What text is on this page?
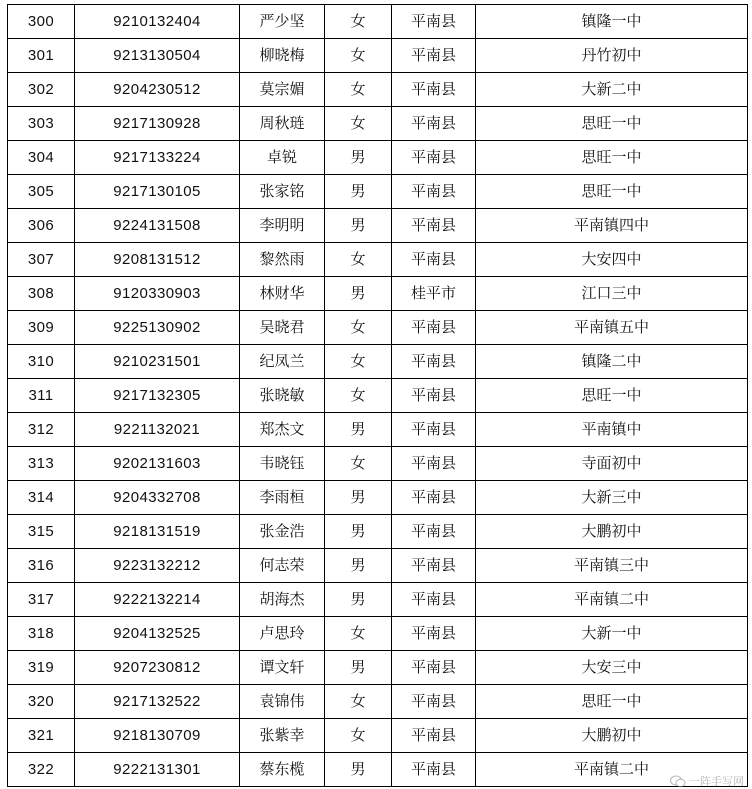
300	9210132404	严少坚	女	平南县	镇隆一中
301	9213130504	柳晓梅	女	平南县	丹竹初中
302	9204230512	莫宗媚	女	平南县	大新二中
303	9217130928	周秋琏	女	平南县	思旺一中
304	9217133224	卓锐	男	平南县	思旺一中
305	9217130105	张家铭	男	平南县	思旺一中
306	9224131508	李明明	男	平南县	平南镇四中
307	9208131512	黎然雨	女	平南县	大安四中
308	9120330903	林财华	男	桂平市	江口三中
309	9225130902	吴晓君	女	平南县	平南镇五中
310	9210231501	纪凤兰	女	平南县	镇隆二中
311	9217132305	张晓敏	女	平南县	思旺一中
312	9221132021	郑杰文	男	平南县	平南镇中
313	9202131603	韦晓钰	女	平南县	寺面初中
314	9204332708	李雨桓	男	平南县	大新三中
315	9218131519	张金浩	男	平南县	大鹏初中
316	9223132212	何志荣	男	平南县	平南镇三中
317	9222132214	胡海杰	男	平南县	平南镇二中
318	9204132525	卢思玲	女	平南县	大新一中
319	9207230812	谭文轩	男	平南县	大安三中
320	9217132522	袁锦伟	女	平南县	思旺一中
321	9218130709	张紫幸	女	平南县	大鹏初中
322	9222131301	蔡东榄	男	平南县	平南镇二中
一阵手写网
